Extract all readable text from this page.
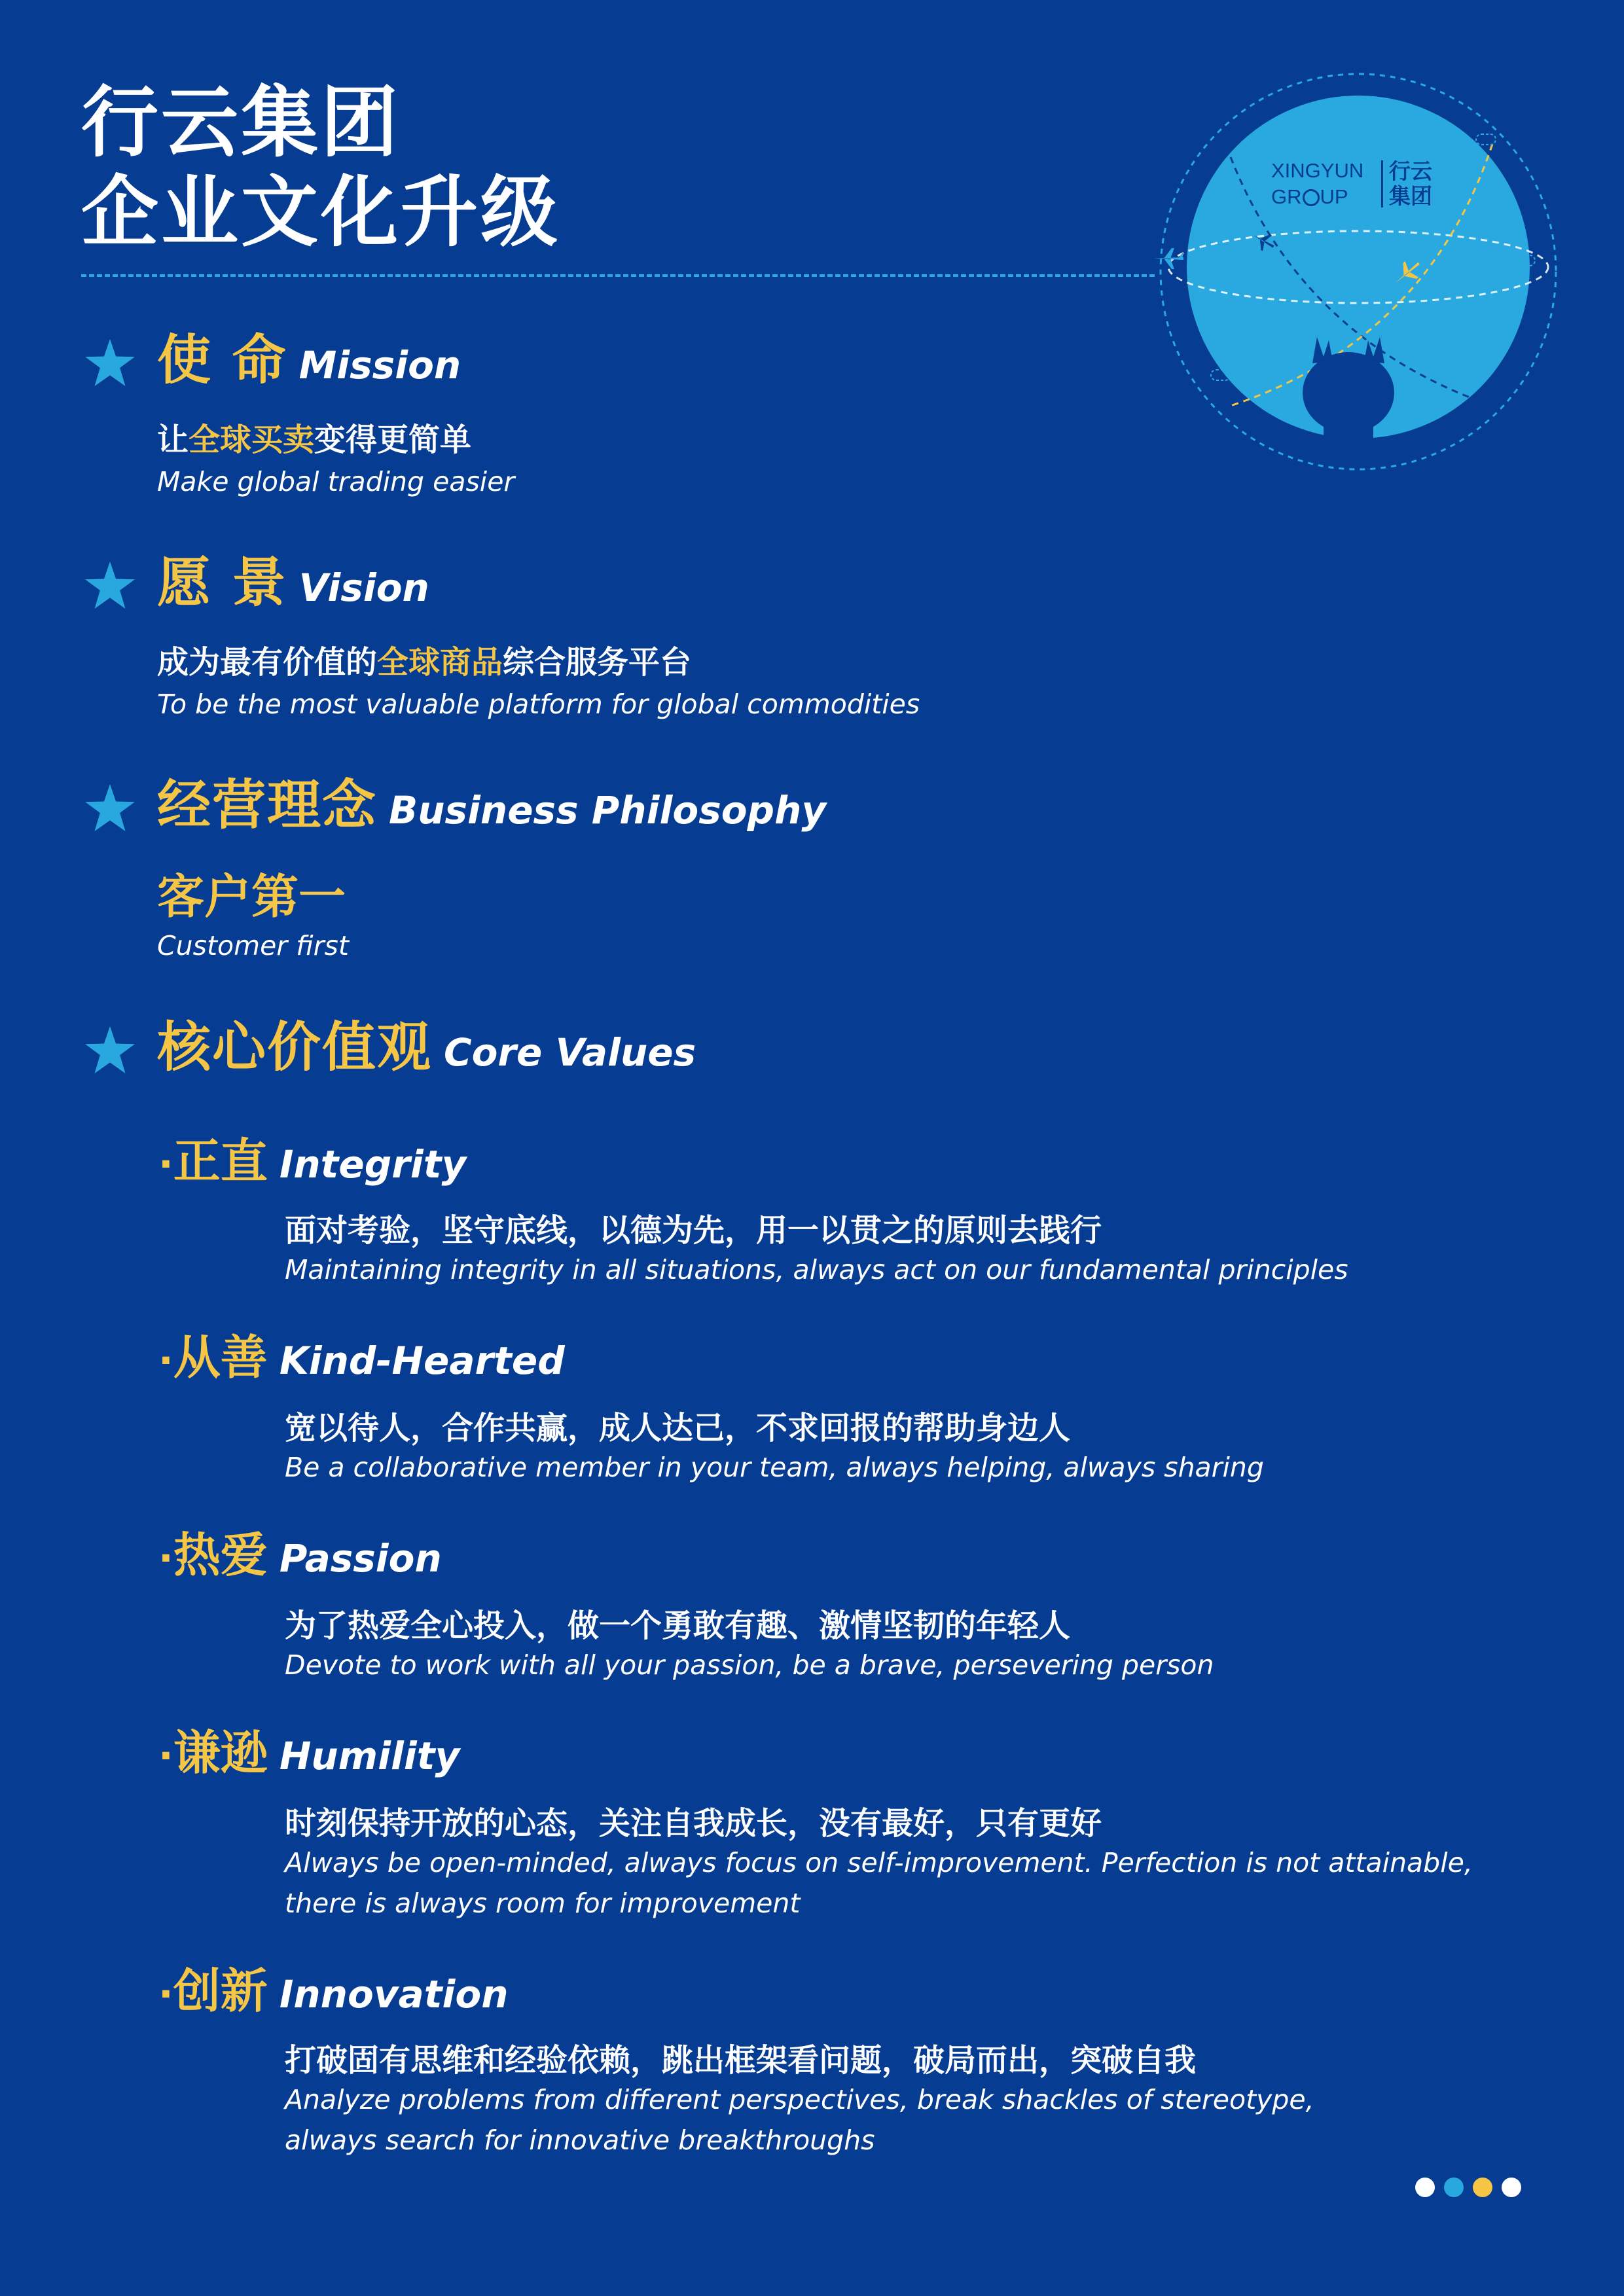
行云集团
企业文化升级	XINGYUN
GR UP
行云
集团
使 命 Mission
让全球买卖变得更简单
Make global trading easier
愿 景 Vision
成为最有价值的全球商品综合服务平台
To be the most valuable platform for global commodities
经营理念 Business Philosophy
客户第一
Customer first
核心价值观 Core Values
·正直 Integrity
面对考验，坚守底线，以德为先，用一以贯之的原则去践行
Maintaining integrity in all situations, always act on our fundamental principles
·从善 Kind-Hearted
宽以待人，合作共赢，成人达己，不求回报的帮助身边人
Be a collaborative member in your team, always helping, always sharing
·热爱 Passion
为了热爱全心投入，做一个勇敢有趣、激情坚韧的年轻人
Devote to work with all your passion, be a brave, persevering person
·谦逊 Humility
时刻保持开放的心态，关注自我成长，没有最好，只有更好
Always be open-minded, always focus on self-improvement. Perfection is not attainable,
there is always room for improvement
·创新 Innovation
打破固有思维和经验依赖，跳出框架看问题，破局而出，突破自我
Analyze problems from different perspectives, break shackles of stereotype,
always search for innovative breakthroughs
